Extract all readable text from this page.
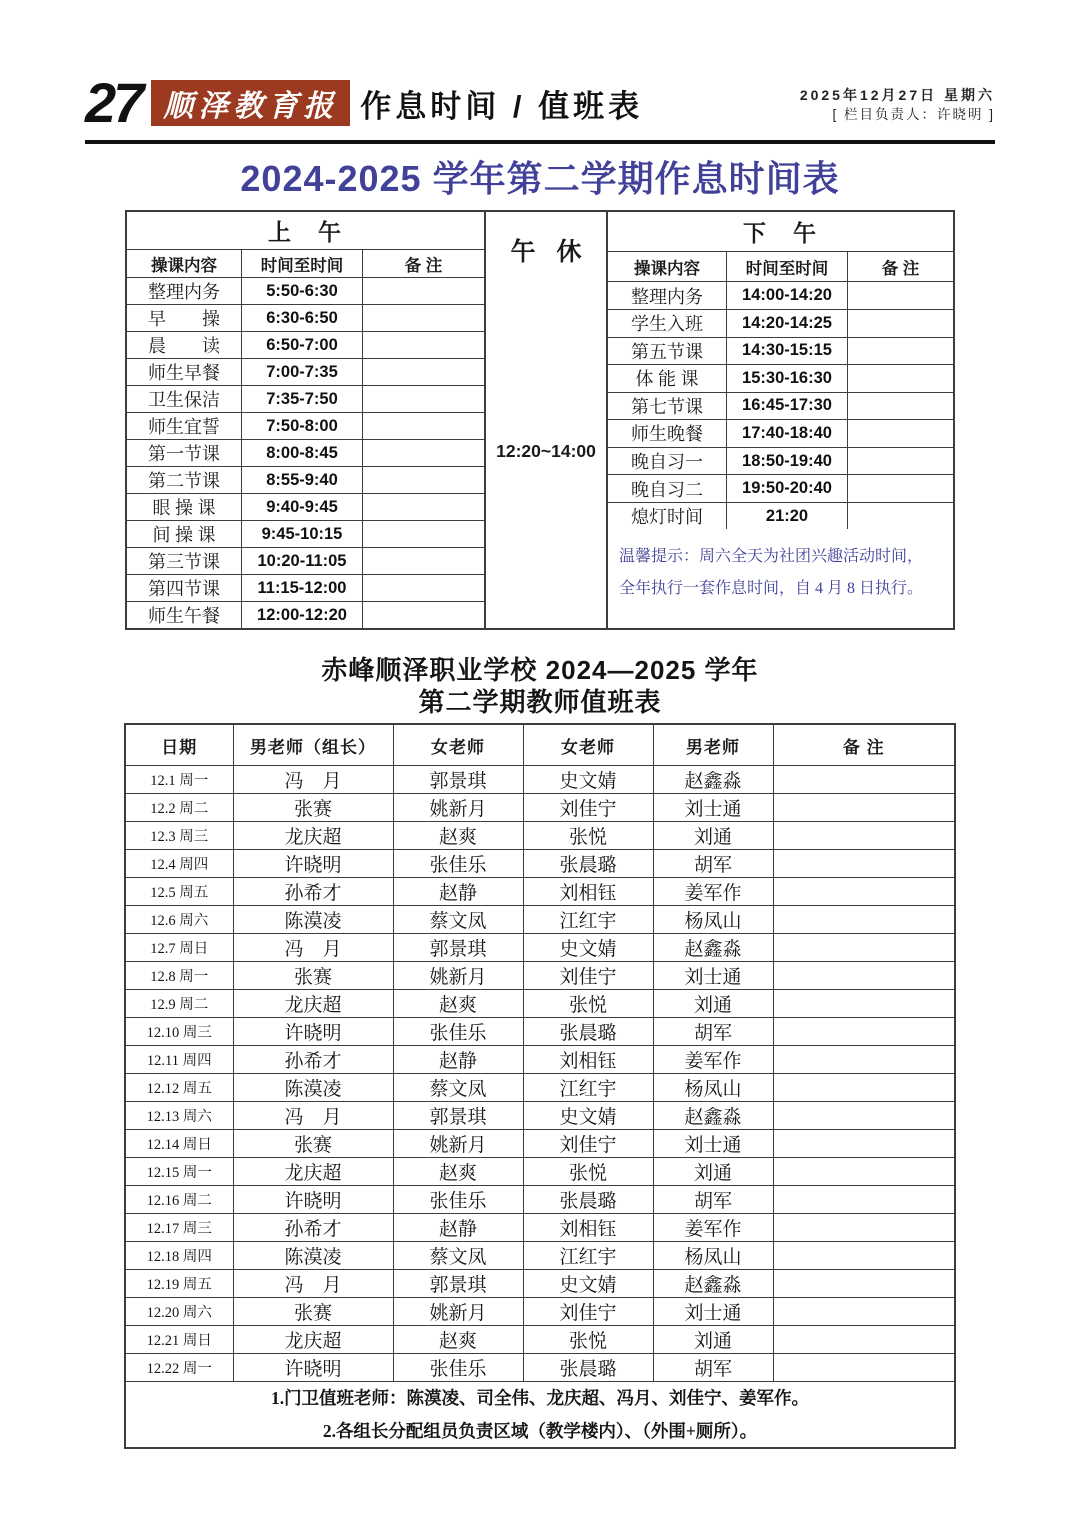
27 顺泽教育报 作息时间 / 值班表	2025年12月27日 星期六
[ 栏目负责人：许晓明 ]
2024-2025 学年第二学期作息时间表
上　午
操课内容	时间至时间	备 注
整理内务	5:50-6:30
早　　操	6:30-6:50
晨　　读	6:50-7:00
师生早餐	7:00-7:35
卫生保洁	7:35-7:50
师生宜誓	7:50-8:00
第一节课	8:00-8:45
第二节课	8:55-9:40
眼 操 课	9:40-9:45
间 操 课	9:45-10:15
第三节课	10:20-11:05
第四节课	11:15-12:00
师生午餐	12:00-12:20
午 休
12:20~14:00
下　午
操课内容	时间至时间	备 注
整理内务	14:00-14:20
学生入班	14:20-14:25
第五节课	14:30-15:15
体 能 课	15:30-16:30
第七节课	16:45-17:30
师生晚餐	17:40-18:40
晚自习一	18:50-19:40
晚自习二	19:50-20:40
熄灯时间	21:20
温馨提示：周六全天为社团兴趣活动时间，
全年执行一套作息时间，自 4 月 8 日执行。
赤峰顺泽职业学校 2024—2025 学年
第二学期教师值班表
日期	男老师（组长）	女老师	女老师	男老师	备 注
12.1 周一	冯　月	郭景琪	史文婧	赵鑫淼	
12.2 周二	张赛	姚新月	刘佳宁	刘士通	
12.3 周三	龙庆超	赵爽	张悦	刘通	
12.4 周四	许晓明	张佳乐	张晨璐	胡军	
12.5 周五	孙希才	赵静	刘相钰	姜军作	
12.6 周六	陈漠凌	蔡文凤	江红宇	杨凤山	
12.7 周日	冯　月	郭景琪	史文婧	赵鑫淼	
12.8 周一	张赛	姚新月	刘佳宁	刘士通	
12.9 周二	龙庆超	赵爽	张悦	刘通	
12.10 周三	许晓明	张佳乐	张晨璐	胡军	
12.11 周四	孙希才	赵静	刘相钰	姜军作	
12.12 周五	陈漠凌	蔡文凤	江红宇	杨凤山	
12.13 周六	冯　月	郭景琪	史文婧	赵鑫淼	
12.14 周日	张赛	姚新月	刘佳宁	刘士通	
12.15 周一	龙庆超	赵爽	张悦	刘通	
12.16 周二	许晓明	张佳乐	张晨璐	胡军	
12.17 周三	孙希才	赵静	刘相钰	姜军作	
12.18 周四	陈漠凌	蔡文凤	江红宇	杨凤山	
12.19 周五	冯　月	郭景琪	史文婧	赵鑫淼	
12.20 周六	张赛	姚新月	刘佳宁	刘士通	
12.21 周日	龙庆超	赵爽	张悦	刘通	
12.22 周一	许晓明	张佳乐	张晨璐	胡军	
1.门卫值班老师：陈漠凌、司全伟、龙庆超、冯月、刘佳宁、姜军作。
2.各组长分配组员负责区域（教学楼内）、（外围+厕所）。					
